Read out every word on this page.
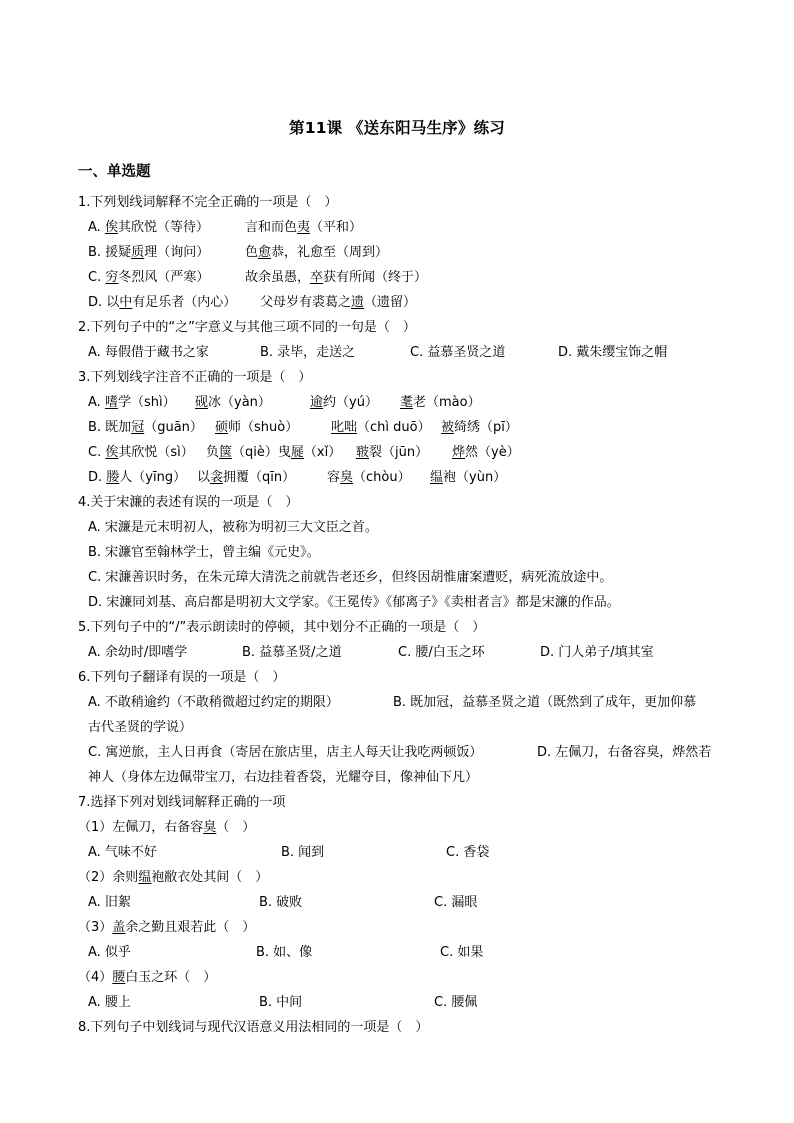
第11课 《送东阳马生序》练习
一、单选题
1.下列划线词解释不完全正确的一项是（　）
A. 俟其欣悦（等待）	言和而色夷（平和）
B. 援疑质理（询问）	色愈恭，礼愈至（周到）
C. 穷冬烈风（严寒）	故余虽愚，卒获有所闻（终于）
D. 以中有足乐者（内心） 父母岁有裘葛之遗（遗留）
2.下列句子中的“之”字意义与其他三项不同的一句是（　）
A. 每假借于藏书之家	B. 录毕，走送之	C. 益慕圣贤之道	D. 戴朱缨宝饰之帽
3.下列划线字注音不正确的一项是（　）
A. 嗜学（shì） 砚冰（yàn）	逾约（yú） 耄老（mào）
B. 既加冠（guān） 硕师（shuò）	叱咄（chì duō） 被绮绣（pī）
C. 俟其欣悦（sì） 负箧（qiè）曳屣（xǐ） 皲裂（jūn） 烨然（yè）
D. 媵人（yīng） 以衾拥覆（qīn） 容臭（chòu） 缊袍（yùn）
4.关于宋濂的表述有误的一项是（　）
A. 宋濂是元末明初人，被称为明初三大文臣之首。
B. 宋濂官至翰林学士，曾主编《元史》。
C. 宋濂善识时务，在朱元璋大清洗之前就告老还乡，但终因胡惟庸案遭贬，病死流放途中。
D. 宋濂同刘基、高启都是明初大文学家。《王冕传》《郁离子》《卖柑者言》都是宋濂的作品。
5.下列句子中的“/”表示朗读时的停顿，其中划分不正确的一项是（　）
A. 余幼时/即嗜学	B. 益慕圣贤/之道	C. 腰/白玉之环	D. 门人弟子/填其室
6.下列句子翻译有误的一项是（　）
A. 不敢稍逾约（不敢稍微超过约定的期限）	B. 既加冠，益慕圣贤之道（既然到了成年，更加仰慕
古代圣贤的学说）
C. 寓逆旅，主人日再食（寄居在旅店里，店主人每天让我吃两顿饭）	D. 左佩刀，右备容臭，烨然若
神人（身体左边佩带宝刀，右边挂着香袋，光耀夺目，像神仙下凡）
7.选择下列对划线词解释正确的一项
（1）左佩刀，右备容臭（　）
A. 气味不好	B. 闻到	C. 香袋
（2）余则缊袍敝衣处其间（　）
A. 旧絮	B. 破败	C. 漏眼
（3）盖余之勤且艰若此（　）
A. 似乎	B. 如、像	C. 如果
（4）腰白玉之环（　）
A. 腰上	B. 中间	C. 腰佩
8.下列句子中划线词与现代汉语意义用法相同的一项是（　）
